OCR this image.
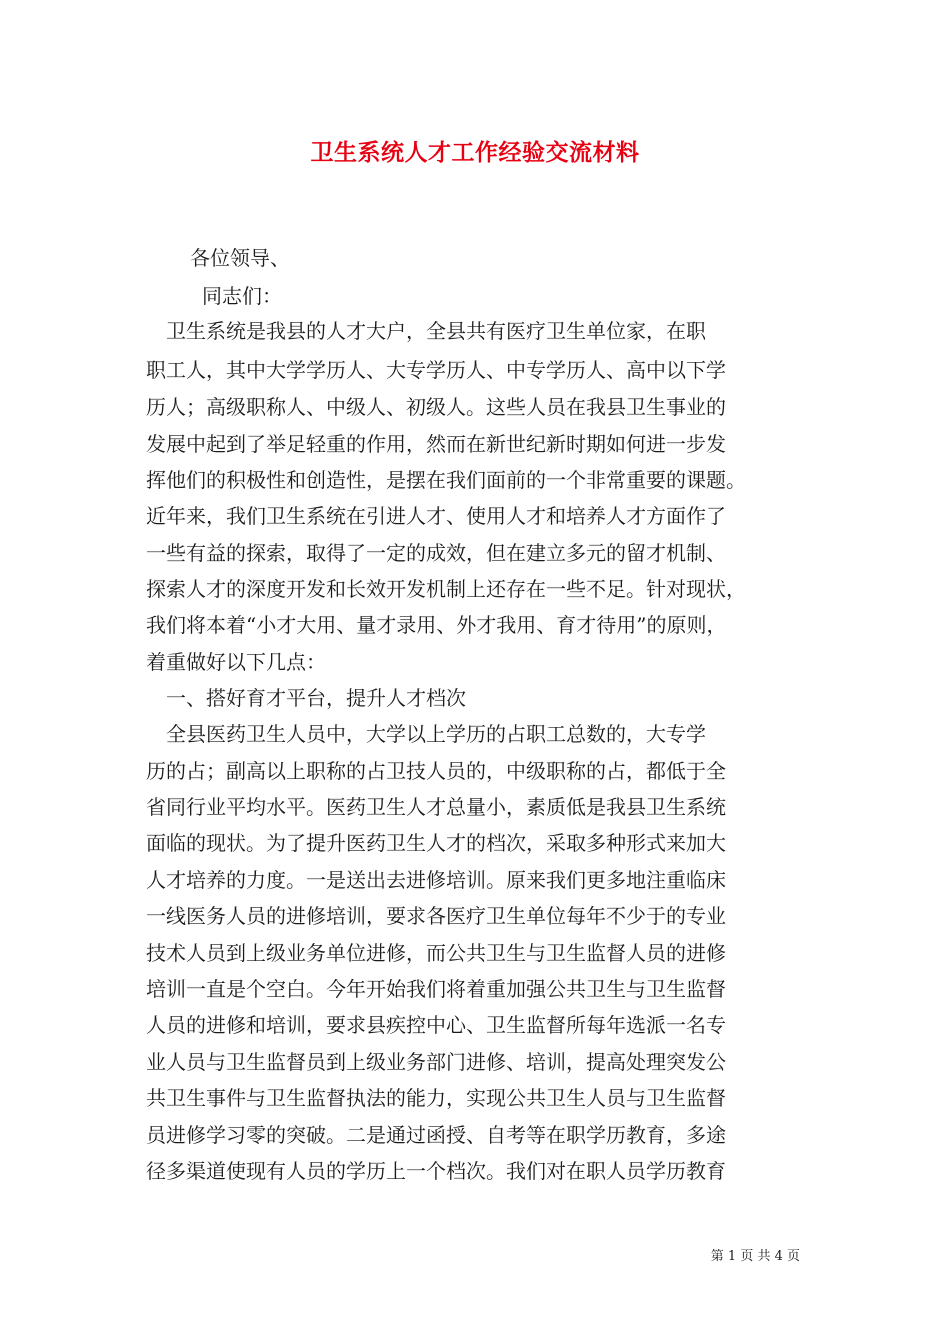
卫生系统人才工作经验交流材料
各位领导、
同志们：
　卫生系统是我县的人才大户，全县共有医疗卫生单位家，在职
职工人，其中大学学历人、大专学历人、中专学历人、高中以下学
历人；高级职称人、中级人、初级人。这些人员在我县卫生事业的
发展中起到了举足轻重的作用，然而在新世纪新时期如何进一步发
挥他们的积极性和创造性，是摆在我们面前的一个非常重要的课题。
近年来，我们卫生系统在引进人才、使用人才和培养人才方面作了
一些有益的探索，取得了一定的成效，但在建立多元的留才机制、
探索人才的深度开发和长效开发机制上还存在一些不足。针对现状，
我们将本着“小才大用、量才录用、外才我用、育才待用”的原则，
着重做好以下几点：
　一、搭好育才平台，提升人才档次
　全县医药卫生人员中，大学以上学历的占职工总数的，大专学
历的占；副高以上职称的占卫技人员的，中级职称的占，都低于全
省同行业平均水平。医药卫生人才总量小，素质低是我县卫生系统
面临的现状。为了提升医药卫生人才的档次，采取多种形式来加大
人才培养的力度。一是送出去进修培训。原来我们更多地注重临床
一线医务人员的进修培训，要求各医疗卫生单位每年不少于的专业
技术人员到上级业务单位进修，而公共卫生与卫生监督人员的进修
培训一直是个空白。今年开始我们将着重加强公共卫生与卫生监督
人员的进修和培训，要求县疾控中心、卫生监督所每年选派一名专
业人员与卫生监督员到上级业务部门进修、培训，提高处理突发公
共卫生事件与卫生监督执法的能力，实现公共卫生人员与卫生监督
员进修学习零的突破。二是通过函授、自考等在职学历教育，多途
径多渠道使现有人员的学历上一个档次。我们对在职人员学历教育
第 1 页 共 4 页
